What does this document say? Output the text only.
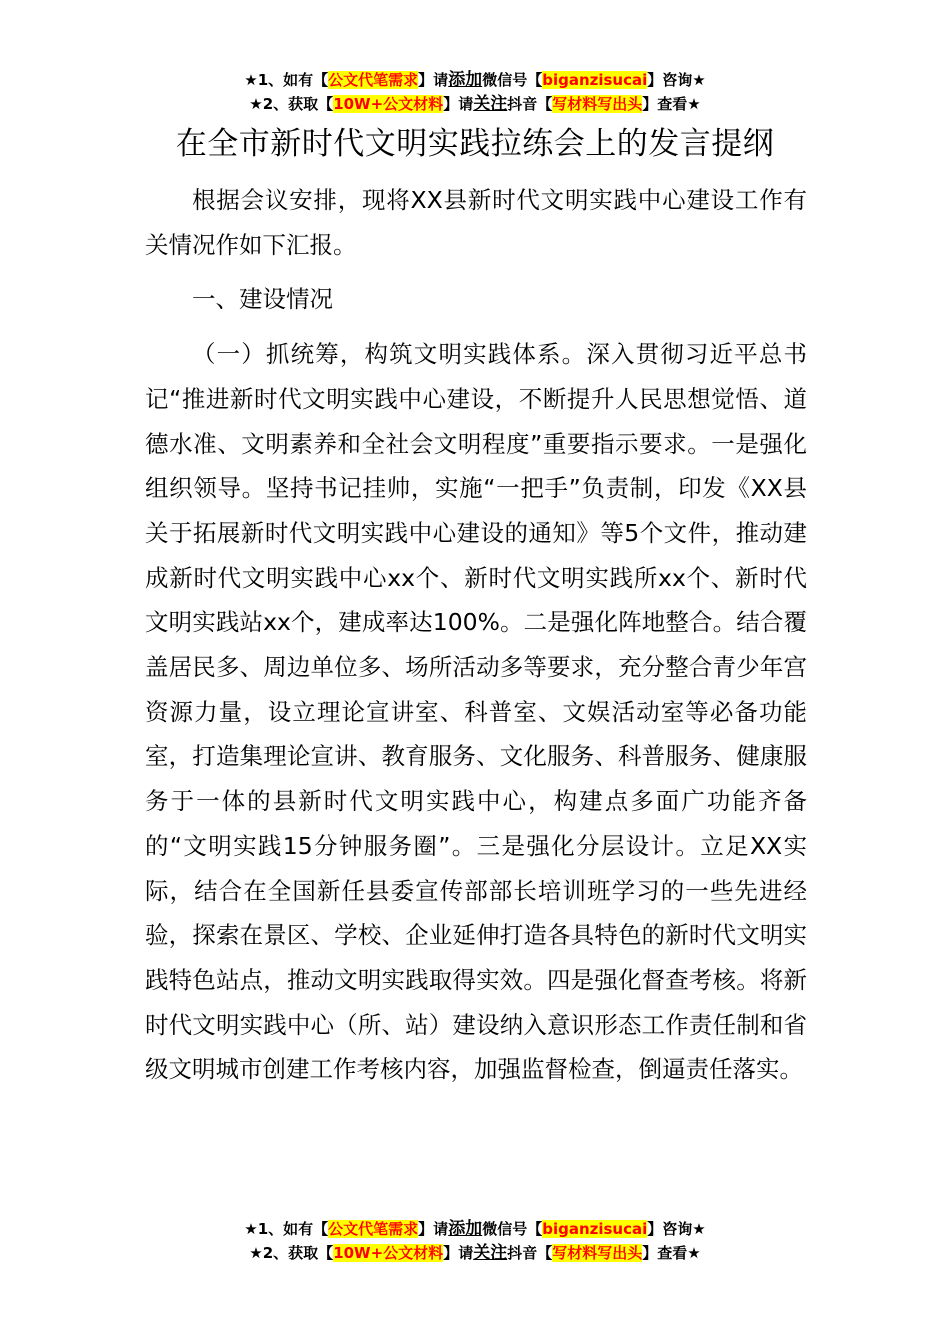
★1、如有【公文代笔需求】请添加微信号【biganzisucai】咨询★
★2、获取【10W+公文材料】请关注抖音【写材料写出头】查看★
在全市新时代文明实践拉练会上的发言提纲

根据会议安排，现将XX县新时代文明实践中心建设工作有关情况作如下汇报。

一、建设情况

（一）抓统筹，构筑文明实践体系。深入贯彻习近平总书记“推进新时代文明实践中心建设，不断提升人民思想觉悟、道德水准、文明素养和全社会文明程度”重要指示要求。一是强化组织领导。坚持书记挂帅，实施“一把手”负责制，印发《XX县关于拓展新时代文明实践中心建设的通知》等5个文件，推动建成新时代文明实践中心xx个、新时代文明实践所xx个、新时代文明实践站xx个，建成率达100%。二是强化阵地整合。结合覆盖居民多、周边单位多、场所活动多等要求，充分整合青少年宫资源力量，设立理论宣讲室、科普室、文娱活动室等必备功能室，打造集理论宣讲、教育服务、文化服务、科普服务、健康服务于一体的县新时代文明实践中心，构建点多面广功能齐备的“文明实践15分钟服务圈”。三是强化分层设计。立足XX实际，结合在全国新任县委宣传部部长培训班学习的一些先进经验，探索在景区、学校、企业延伸打造各具特色的新时代文明实践特色站点，推动文明实践取得实效。四是强化督查考核。将新时代文明实践中心（所、站）建设纳入意识形态工作责任制和省级文明城市创建工作考核内容，加强监督检查，倒逼责任落实。

★1、如有【公文代笔需求】请添加微信号【biganzisucai】咨询★
★2、获取【10W+公文材料】请关注抖音【写材料写出头】查看★
